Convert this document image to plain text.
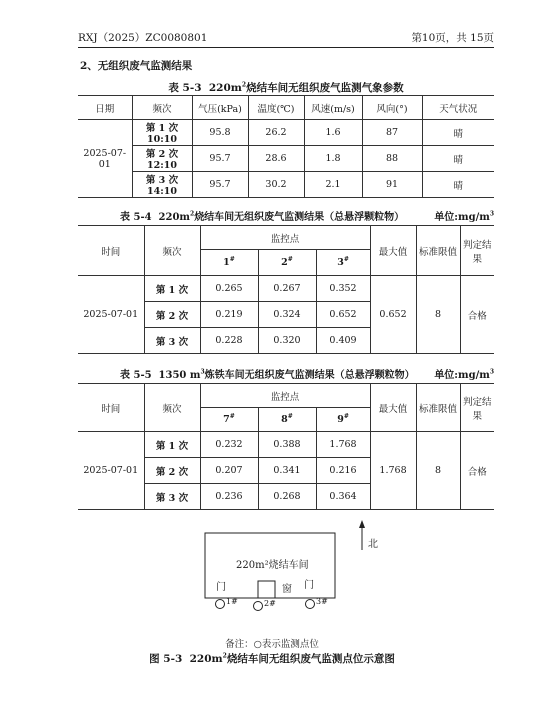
RXJ（2025）ZC0080801	第10页，共 15页
2、无组织废气监测结果
表 5-3 $220m^2$烧结车间无组织废气监测气象参数
日期	频次	气压(kPa)	温度(℃)	风速(m/s)	风向(°)	天气状况
2025-07-01	第 1 次 10:10	95.8	26.2	1.6	87	晴
	第 2 次 12:10	95.7	28.6	1.8	88	晴
	第 3 次 14:10	95.7	30.2	2.1	91	晴
表 5-4 $220m^2$烧结车间无组织废气监测结果（总悬浮颗粒物）	单位$:mg/m^3$
时间	频次	监控点			最大值	标准限值	判定结果
		1#	2#	3#
2025-07-01	第 1 次	0.265	0.267	0.352	0.652	8	合格
	第 2 次	0.219	0.324	0.652			
	第 3 次	0.228	0.320	0.409			
表 5-5 1350 $m^3$炼铁车间无组织废气监测结果（总悬浮颗粒物） 单位$:mg/m^3$
时间	频次	监控点			最大值	标准限值	判定结果
		7#	8#	9#
2025-07-01	第 1 次	0.232	0.388	1.768	1.768	8	合格
	第 2 次	0.207	0.341	0.216			
	第 3 次	0.236	0.268	0.364			
220m²烧结车间
门	窗 门
1#	2#	3#
北
备注：○表示监测点位
图 5-3 $220m^2$烧结车间无组织废气监测点位示意图
